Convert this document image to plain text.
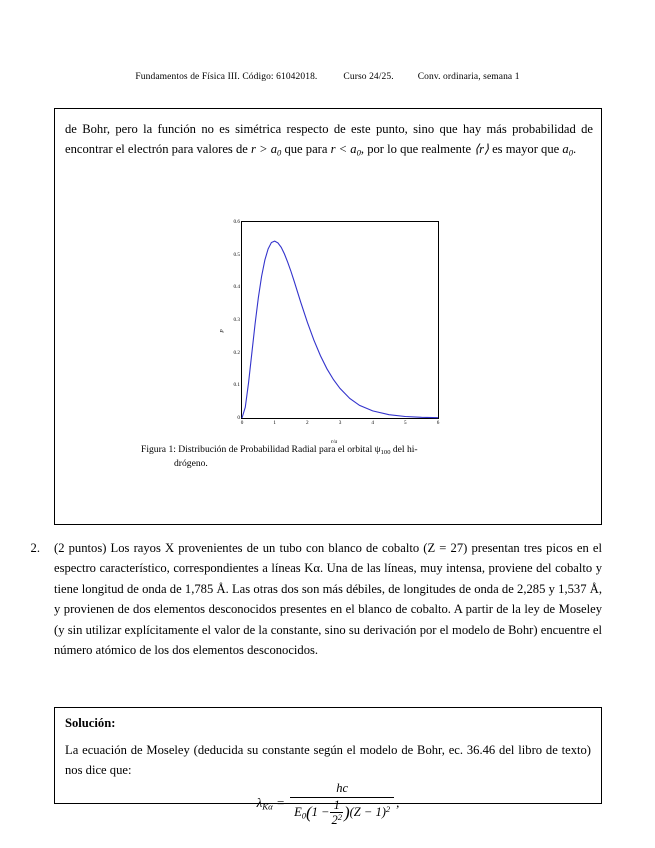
Fundamentos de Física III. Código: 61042018.	Curso 24/25.	Conv. ordinaria, semana 1
de Bohr, pero la función no es simétrica respecto de este punto, sino que hay más probabilidad de encontrar el electrón para valores de $r > a_0$ que para $r < a_0$, por lo que realmente ⟨r⟩ es mayor que $a_0$.
0
0.1
0.2
0.3
0.4
0.5
0.6
0	1	2	3	4	5	6
P
r/a
Figura 1: Distribución de Probabilidad Radial para el orbital $\psi_{100}$ del hi-
drógeno.
2. (2 puntos) Los rayos X provenientes de un tubo con blanco de cobalto (Z = 27) presentan tres picos en el espectro característico, correspondientes a líneas Kα. Una de las líneas, muy intensa, proviene del cobalto y tiene longitud de onda de 1,785 Å. Las otras dos son más débiles, de longitudes de onda de 2,285 y 1,537 Å, y provienen de dos elementos desconocidos presentes en el blanco de cobalto. A partir de la ley de Moseley (y sin utilizar explícitamente el valor de la constante, sino su derivación por el modelo de Bohr) encuentre el número atómico de los dos elementos desconocidos.
Solución:
La ecuación de Moseley (deducida su constante según el modelo de Bohr, ec. 36.46 del libro de texto) nos dice que:
$\lambda_{K\alpha} = \frac{hc}{E_0(1 - \frac{1}{2^2} )(Z - 1)^2}$ ,
